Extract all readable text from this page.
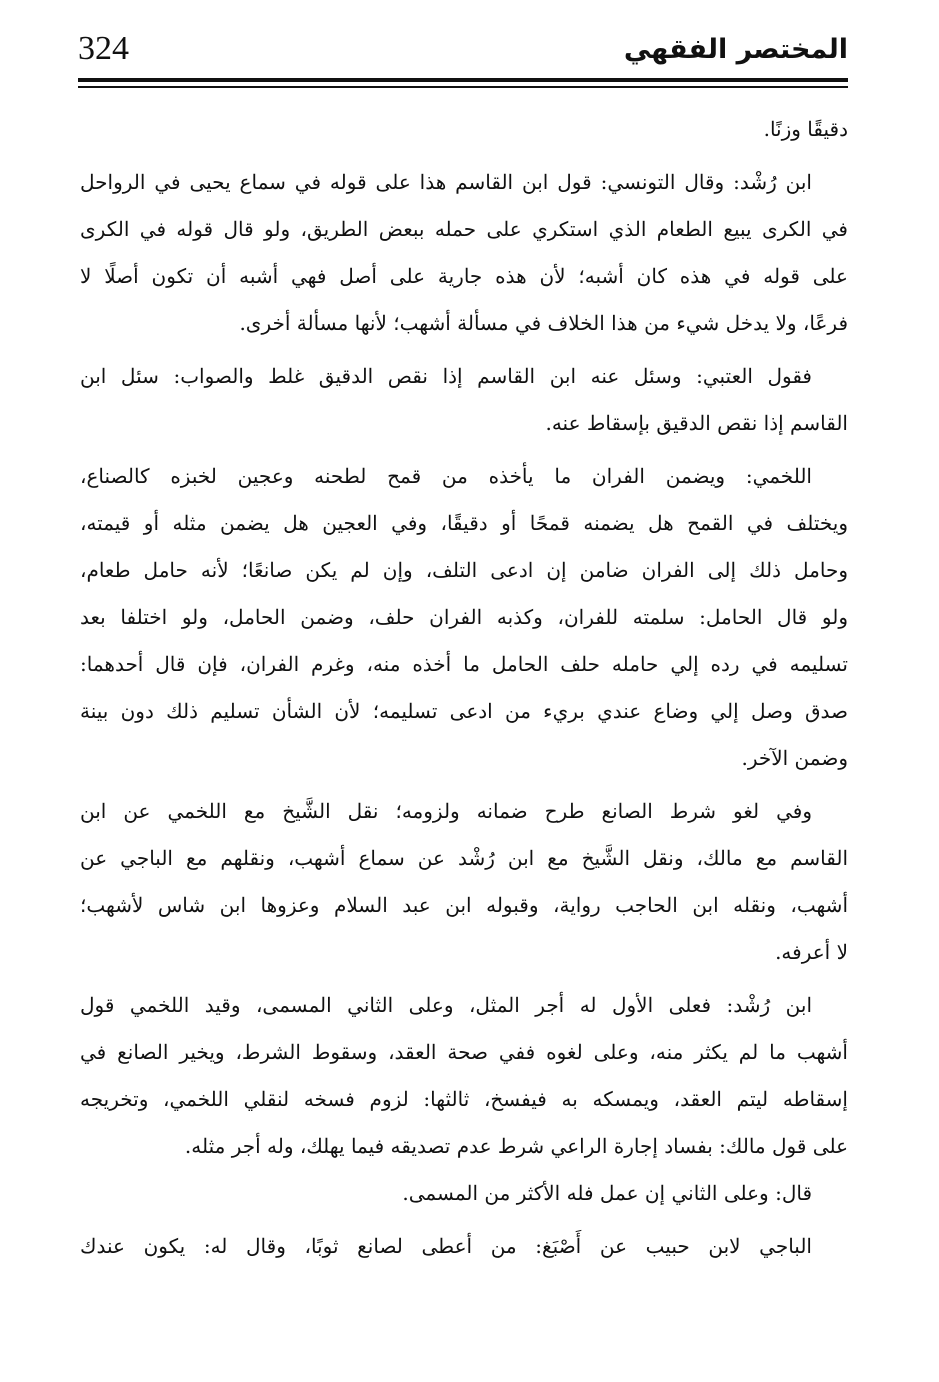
324	المختصر الفقهي
دقيقًا وزنًا.
ابن رُشْد: وقال التونسي: قول ابن القاسم هذا على قوله في سماع يحيى في الرواحل
في الكرى يبيع الطعام الذي استكري على حمله ببعض الطريق، ولو قال قوله في الكرى
على قوله في هذه كان أشبه؛ لأن هذه جارية على أصل فهي أشبه أن تكون أصلًا لا
فرعًا، ولا يدخل شيء من هذا الخلاف في مسألة أشهب؛ لأنها مسألة أخرى.
فقول العتبي: وسئل عنه ابن القاسم إذا نقص الدقيق غلط والصواب: سئل ابن
القاسم إذا نقص الدقيق بإسقاط عنه.
اللخمي: ويضمن الفران ما يأخذه من قمح لطحنه وعجين لخبزه كالصناع،
ويختلف في القمح هل يضمنه قمحًا أو دقيقًا، وفي العجين هل يضمن مثله أو قيمته،
وحامل ذلك إلى الفران ضامن إن ادعى التلف، وإن لم يكن صانعًا؛ لأنه حامل طعام،
ولو قال الحامل: سلمته للفران، وكذبه الفران حلف، وضمن الحامل، ولو اختلفا بعد
تسليمه في رده إلي حامله حلف الحامل ما أخذه منه، وغرم الفران، فإن قال أحدهما:
صدق وصل إلي وضاع عندي بريء من ادعى تسليمه؛ لأن الشأن تسليم ذلك دون بينة
وضمن الآخر.
وفي لغو شرط الصانع طرح ضمانه ولزومه؛ نقل الشَّيخ مع اللخمي عن ابن
القاسم مع مالك، ونقل الشَّيخ مع ابن رُشْد عن سماع أشهب، ونقلهم مع الباجي عن
أشهب، ونقله ابن الحاجب رواية، وقبوله ابن عبد السلام وعزوها ابن شاس لأشهب؛
لا أعرفه.
ابن رُشْد: فعلى الأول له أجر المثل، وعلى الثاني المسمى، وقيد اللخمي قول
أشهب ما لم يكثر منه، وعلى لغوه ففي صحة العقد، وسقوط الشرط، ويخير الصانع في
إسقاطه ليتم العقد، ويمسكه به فيفسخ، ثالثها: لزوم فسخه لنقلي اللخمي، وتخريجه
على قول مالك: بفساد إجارة الراعي شرط عدم تصديقه فيما يهلك، وله أجر مثله.
قال: وعلى الثاني إن عمل فله الأكثر من المسمى.
الباجي لابن حبيب عن أَصْبَغ: من أعطى لصانع ثوبًا، وقال له: يكون عندك
